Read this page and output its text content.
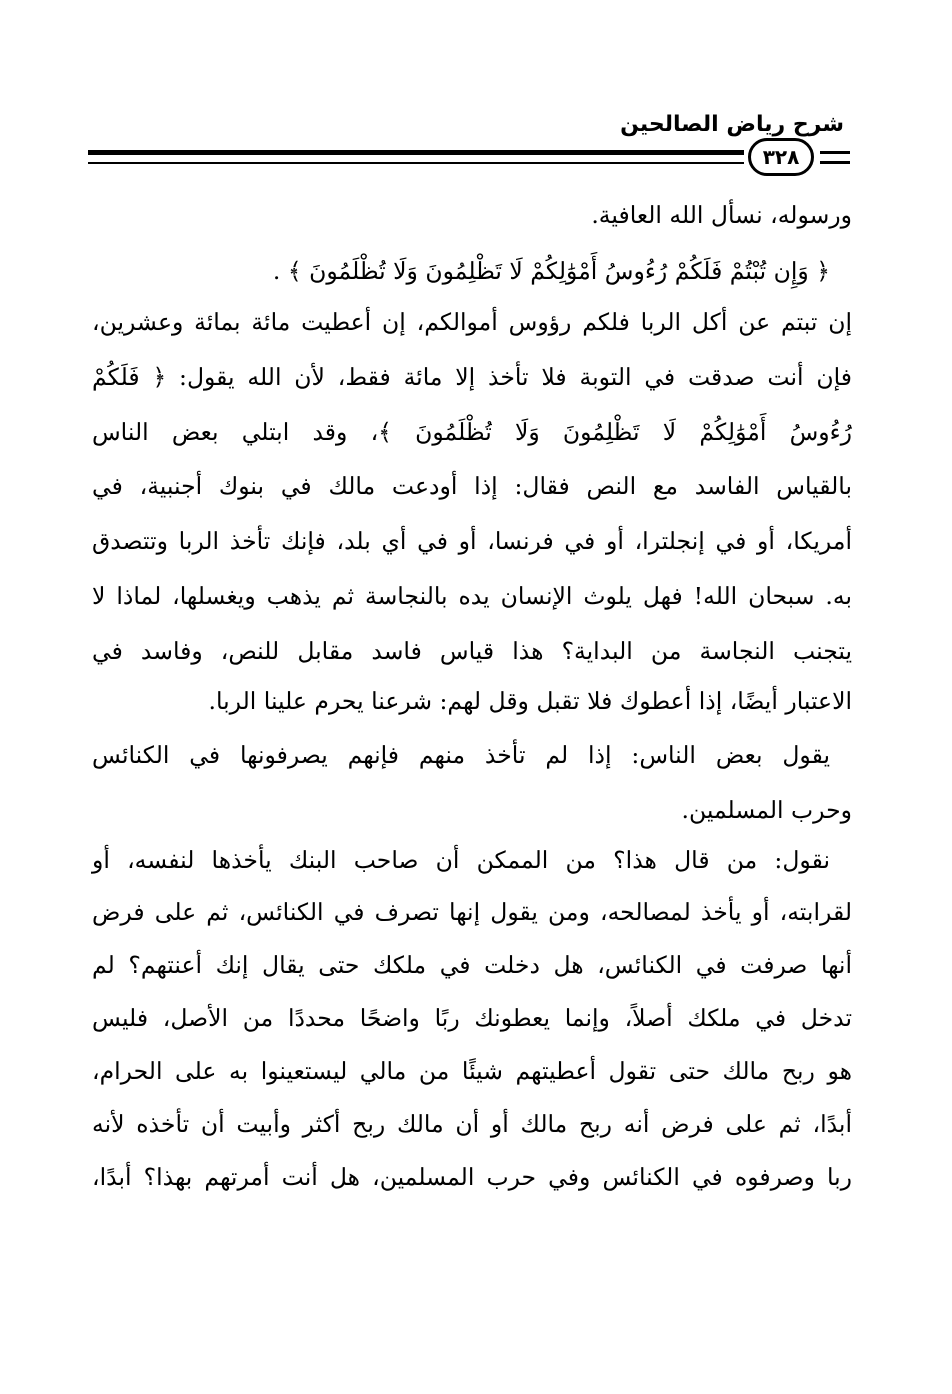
شرح رياض الصالحين
٣٢٨
ورسوله، نسأل الله العافية.
﴿ وَإِن تُبْتُمْ فَلَكُمْ رُءُوسُ أَمْوَٰلِكُمْ لَا تَظْلِمُونَ وَلَا تُظْلَمُونَ ﴾ .
إن تبتم عن أكل الربا فلكم رؤوس أموالكم، إن أعطيت مائة بمائة وعشرين،
فإن أنت صدقت في التوبة فلا تأخذ إلا مائة فقط، لأن الله يقول: ﴿ فَلَكُمْ
رُءُوسُ أَمْوَٰلِكُمْ لَا تَظْلِمُونَ وَلَا تُظْلَمُونَ ﴾، وقد ابتلي بعض الناس
بالقياس الفاسد مع النص فقال: إذا أودعت مالك في بنوك أجنبية، في
أمريكا، أو في إنجلترا، أو في فرنسا، أو في أي بلد، فإنك تأخذ الربا وتتصدق
به. سبحان الله! فهل يلوث الإنسان يده بالنجاسة ثم يذهب ويغسلها، لماذا لا
يتجنب النجاسة من البداية؟ هذا قياس فاسد مقابل للنص، وفاسد في
الاعتبار أيضًا، إذا أعطوك فلا تقبل وقل لهم: شرعنا يحرم علينا الربا.
يقول بعض الناس: إذا لم تأخذ منهم فإنهم يصرفونها في الكنائس
وحرب المسلمين.
نقول: من قال هذا؟ من الممكن أن صاحب البنك يأخذها لنفسه، أو
لقرابته، أو يأخذ لمصالحه، ومن يقول إنها تصرف في الكنائس، ثم على فرض
أنها صرفت في الكنائس، هل دخلت في ملكك حتى يقال إنك أعنتهم؟ لم
تدخل في ملكك أصلاً، وإنما يعطونك ربًا واضحًا محددًا من الأصل، فليس
هو ربح مالك حتى تقول أعطيتهم شيئًا من مالي ليستعينوا به على الحرام،
أبدًا، ثم على فرض أنه ربح مالك أو أن مالك ربح أكثر وأبيت أن تأخذه لأنه
ربا وصرفوه في الكنائس وفي حرب المسلمين، هل أنت أمرتهم بهذا؟ أبدًا،
